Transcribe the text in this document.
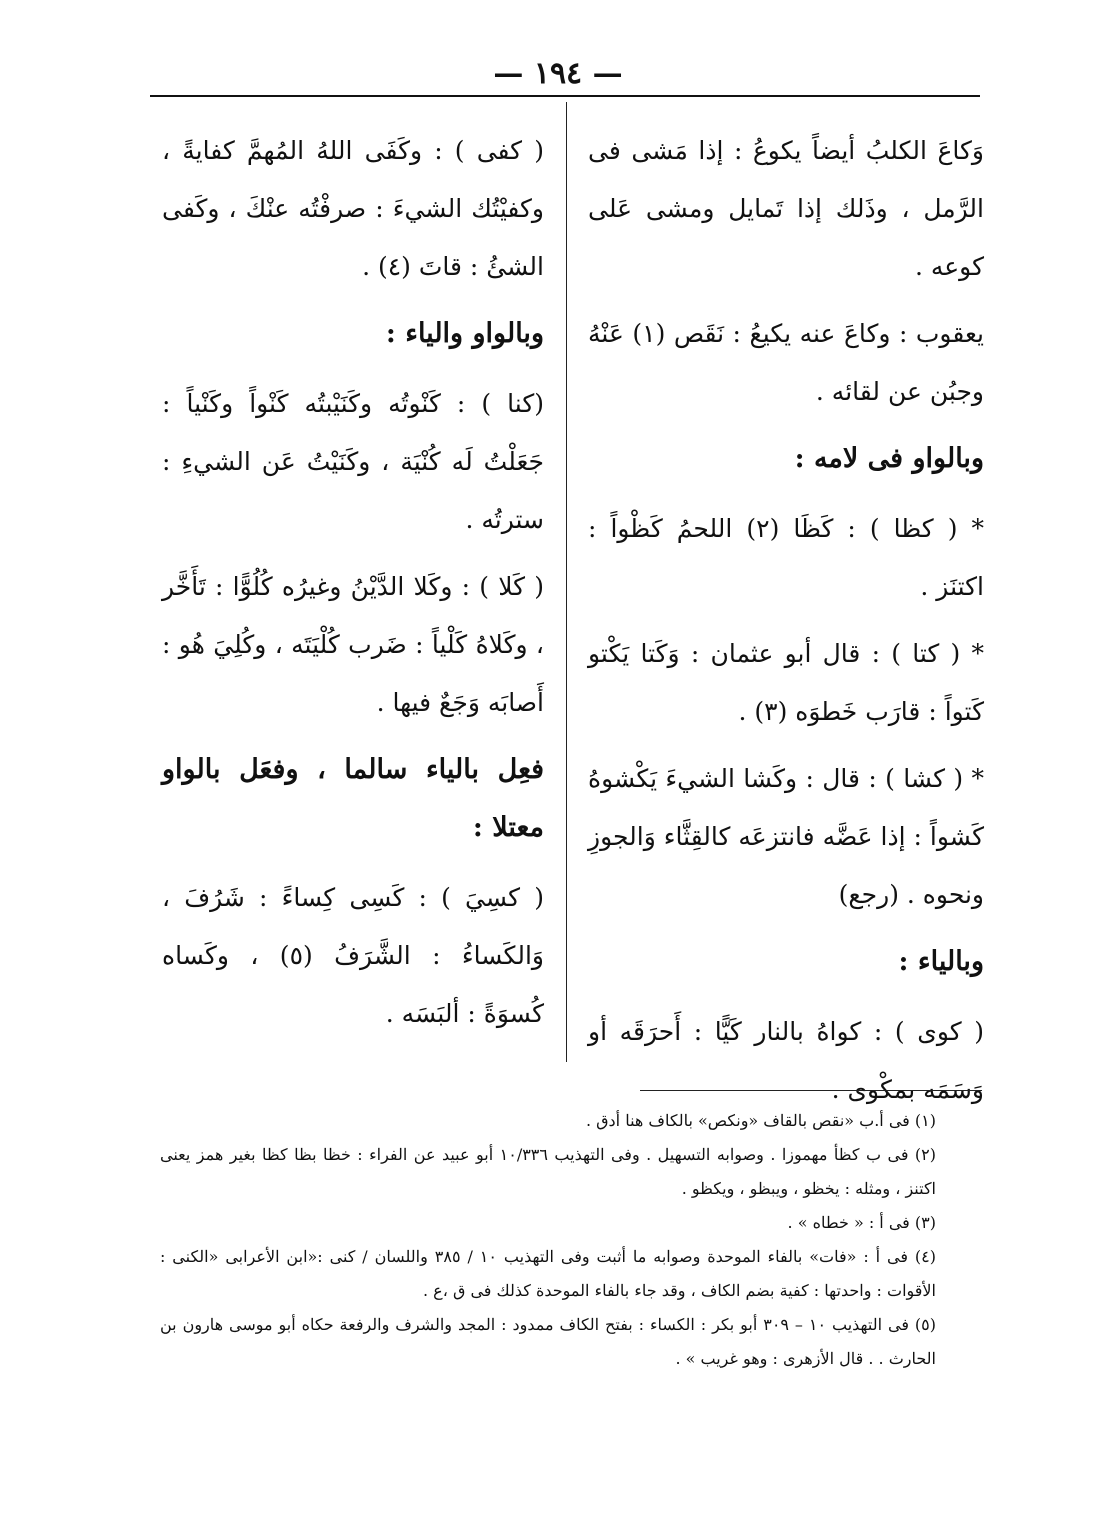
— ١٩٤ —

وَكاعَ الكلبُ أيضاً يكوعُ : إذا مَشى فى الرَّمل ، وذَلك إذا تَمايل ومشى عَلى كوعه .

يعقوب : وكاعَ عنه يكيعُ : نَقَص (١) عَنْهُ وجبُن عن لقائه .

وبالواو فى لامه :

* ( كظا ) : كَظَا (٢) اللحمُ كَظْواً : اكتنَز .

* ( كتا ) : قال أبو عثمان : وَكَتا يَكْتو كَتواً : قارَب خَطوَه (٣) .

* ( كشا ) : قال : وكَشا الشيءَ يَكْشوهُ كَشواً : إذا عَضَّه فانتزعَه كالقِثَّاء وَالجوزِ ونحوه . (رجع)

وبالياء :

( كوى ) : كواهُ بالنار كَيًّا : أَحرَقَه أو وَسَمَه بمكْوى .

( كفى ) : وكَفَى اللهُ المُهمَّ كفايةً ، وكفيْتُك الشيءَ : صرفْتُه عنْكَ ، وكَفى الشئُ : قاتَ (٤) .

وبالواو والياء :

(كنا ) : كَنْوتُه وكَنَيْبتُه كَنْواً وكَنْياً : جَعَلْتُ لَه كُنْيَة ، وكَنَيْتُ عَن الشيءِ : سترتُه .

( كَلا ) : وكَلا الدَّيْنُ وغيرُه كُلُوًّا : تَأَخَّر ، وكَلاهُ كَلْياً : ضَرب كُلْيَتَه ، وكُلِيَ هُو : أَصابَه وَجَعٌ فيها .

فعِل بالياء سالما ، وفعَل بالواو معتلا :

( كسِيَ ) : كَسِى كِساءً : شَرُفَ ، وَالكَساءُ : الشَّرَفُ (٥) ، وكَساه كُسوَةً : ألبَسَه .

(١) فى أ.ب «نقص بالقاف «ونكص» بالكاف هنا أدق .

(٢) فى ب كظأ مهموزا . وصوابه التسهيل . وفى التهذيب ١٠/٣٣٦ أبو عبيد عن الفراء : خظا بظا كظا بغير همز يعنى اكتنز ، ومثله : يخظو ، ويبظو ، ويكظو .

(٣) فى أ : « خطاه » .

(٤) فى أ : «فات» بالفاء الموحدة وصوابه ما أثبت وفى التهذيب ١٠ / ٣٨٥ واللسان / كنى :«ابن الأعرابى «الكنى : الأقوات : واحدتها : كفية بضم الكاف ، وقد جاء بالفاء الموحدة كذلك فى ق ،ع .

(٥) فى التهذيب ١٠ – ٣٠٩ أبو بكر : الكساء : بفتح الكاف ممدود : المجد والشرف والرفعة حكاه أبو موسى هارون بن الحارث . . قال الأزهرى : وهو غريب » .
